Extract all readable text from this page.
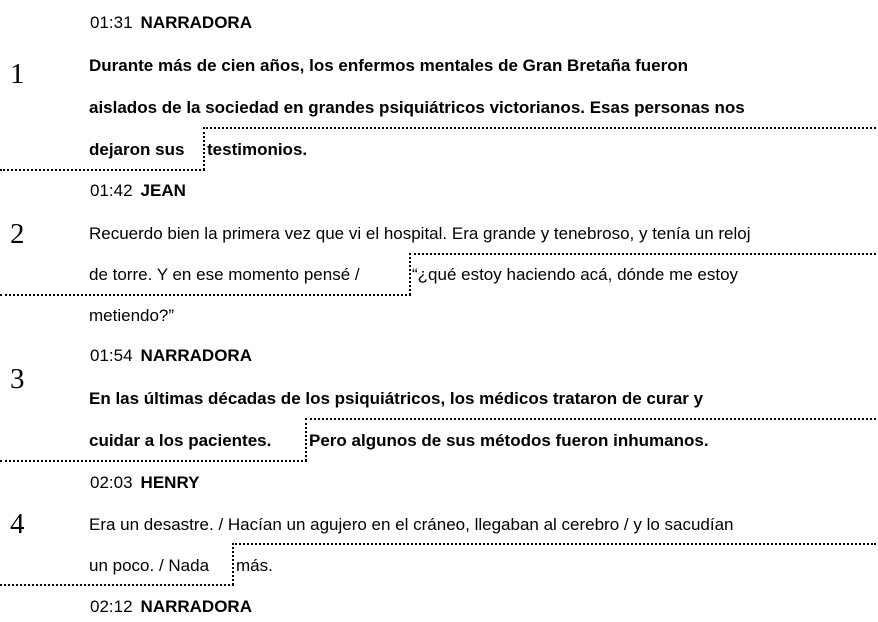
01:31 NARRADORA
1	Durante más de cien años, los enfermos mentales de Gran Bretaña fueron
aislados de la sociedad en grandes psiquiátricos victorianos. Esas personas nos
dejaron sus testimonios.
01:42 JEAN
2	Recuerdo bien la primera vez que vi el hospital. Era grande y tenebroso, y tenía un reloj
de torre. Y en ese momento pensé /	“¿qué estoy haciendo acá, dónde me estoy
metiendo?”
01:54 NARRADORA
3
En las últimas décadas de los psiquiátricos, los médicos trataron de curar y
cuidar a los pacientes. Pero algunos de sus métodos fueron inhumanos.
02:03 HENRY
4	Era un desastre. / Hacían un agujero en el cráneo, llegaban al cerebro / y lo sacudían
un poco. / Nada más.
02:12 NARRADORA
